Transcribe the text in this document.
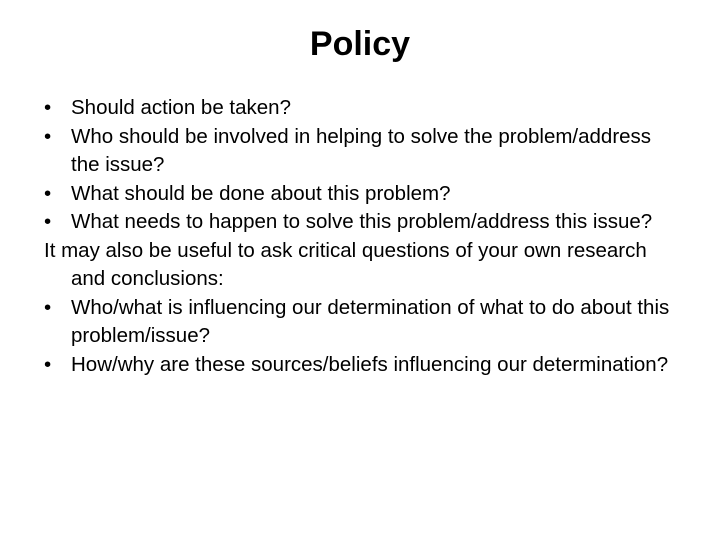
Policy

• Should action be taken?

• Who should be involved in helping to solve the problem/address the issue?

• What should be done about this problem?

• What needs to happen to solve this problem/address this issue?

It may also be useful to ask critical questions of your own research and conclusions:

• Who/what is influencing our determination of what to do about this problem/issue?

• How/why are these sources/beliefs influencing our determination?
